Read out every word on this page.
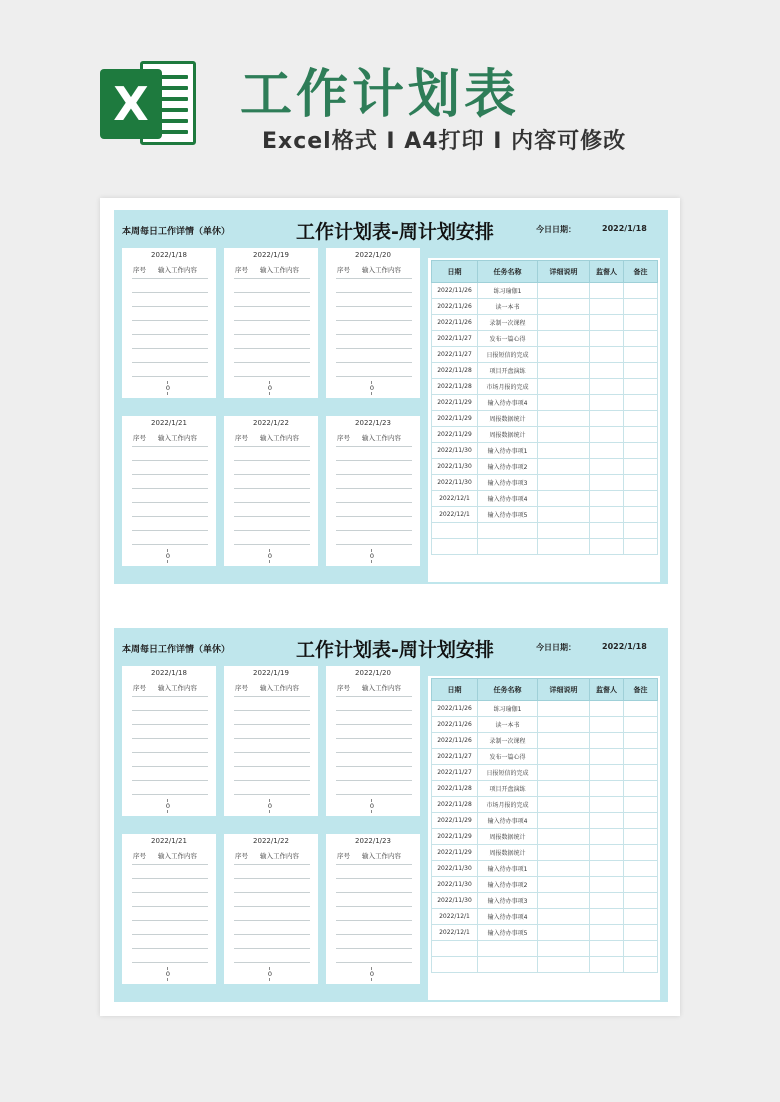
X 工作计划表
Excel格式 I A4打印 I 内容可修改
本周每日工作详情（单休）	工作计划表-周计划安排	今日日期：	2022/1/18
2022/1/18
序号 输入工作内容
0
2022/1/19
序号 输入工作内容
0
2022/1/20
序号 输入工作内容
0
2022/1/21
序号 输入工作内容
0
2022/1/22
序号 输入工作内容
0
2022/1/23
序号 输入工作内容
0
日期	任务名称	详细说明	监督人	备注
2022/11/26	练习瑜伽1			
2022/11/26	读一本书			
2022/11/26	录制一次课程			
2022/11/27	发布一篇心得			
2022/11/27	日报短信的完成			
2022/11/28	项目开盘演练			
2022/11/28	市场月报的完成			
2022/11/29	输入待办事项4			
2022/11/29	周报数据统计			
2022/11/29	周报数据统计			
2022/11/30	输入待办事项1			
2022/11/30	输入待办事项2			
2022/11/30	输入待办事项3			
2022/12/1	输入待办事项4			
2022/12/1	输入待办事项5			

本周每日工作详情（单休）	工作计划表-周计划安排	今日日期：	2022/1/18
2022/1/18
序号 输入工作内容
0
2022/1/19
序号 输入工作内容
0
2022/1/20
序号 输入工作内容
0
2022/1/21
序号 输入工作内容
0
2022/1/22
序号 输入工作内容
0
2022/1/23
序号 输入工作内容
0
日期	任务名称	详细说明	监督人	备注
2022/11/26	练习瑜伽1			
2022/11/26	读一本书			
2022/11/26	录制一次课程			
2022/11/27	发布一篇心得			
2022/11/27	日报短信的完成			
2022/11/28	项目开盘演练			
2022/11/28	市场月报的完成			
2022/11/29	输入待办事项4			
2022/11/29	周报数据统计			
2022/11/29	周报数据统计			
2022/11/30	输入待办事项1			
2022/11/30	输入待办事项2			
2022/11/30	输入待办事项3			
2022/12/1	输入待办事项4			
2022/12/1	输入待办事项5			
